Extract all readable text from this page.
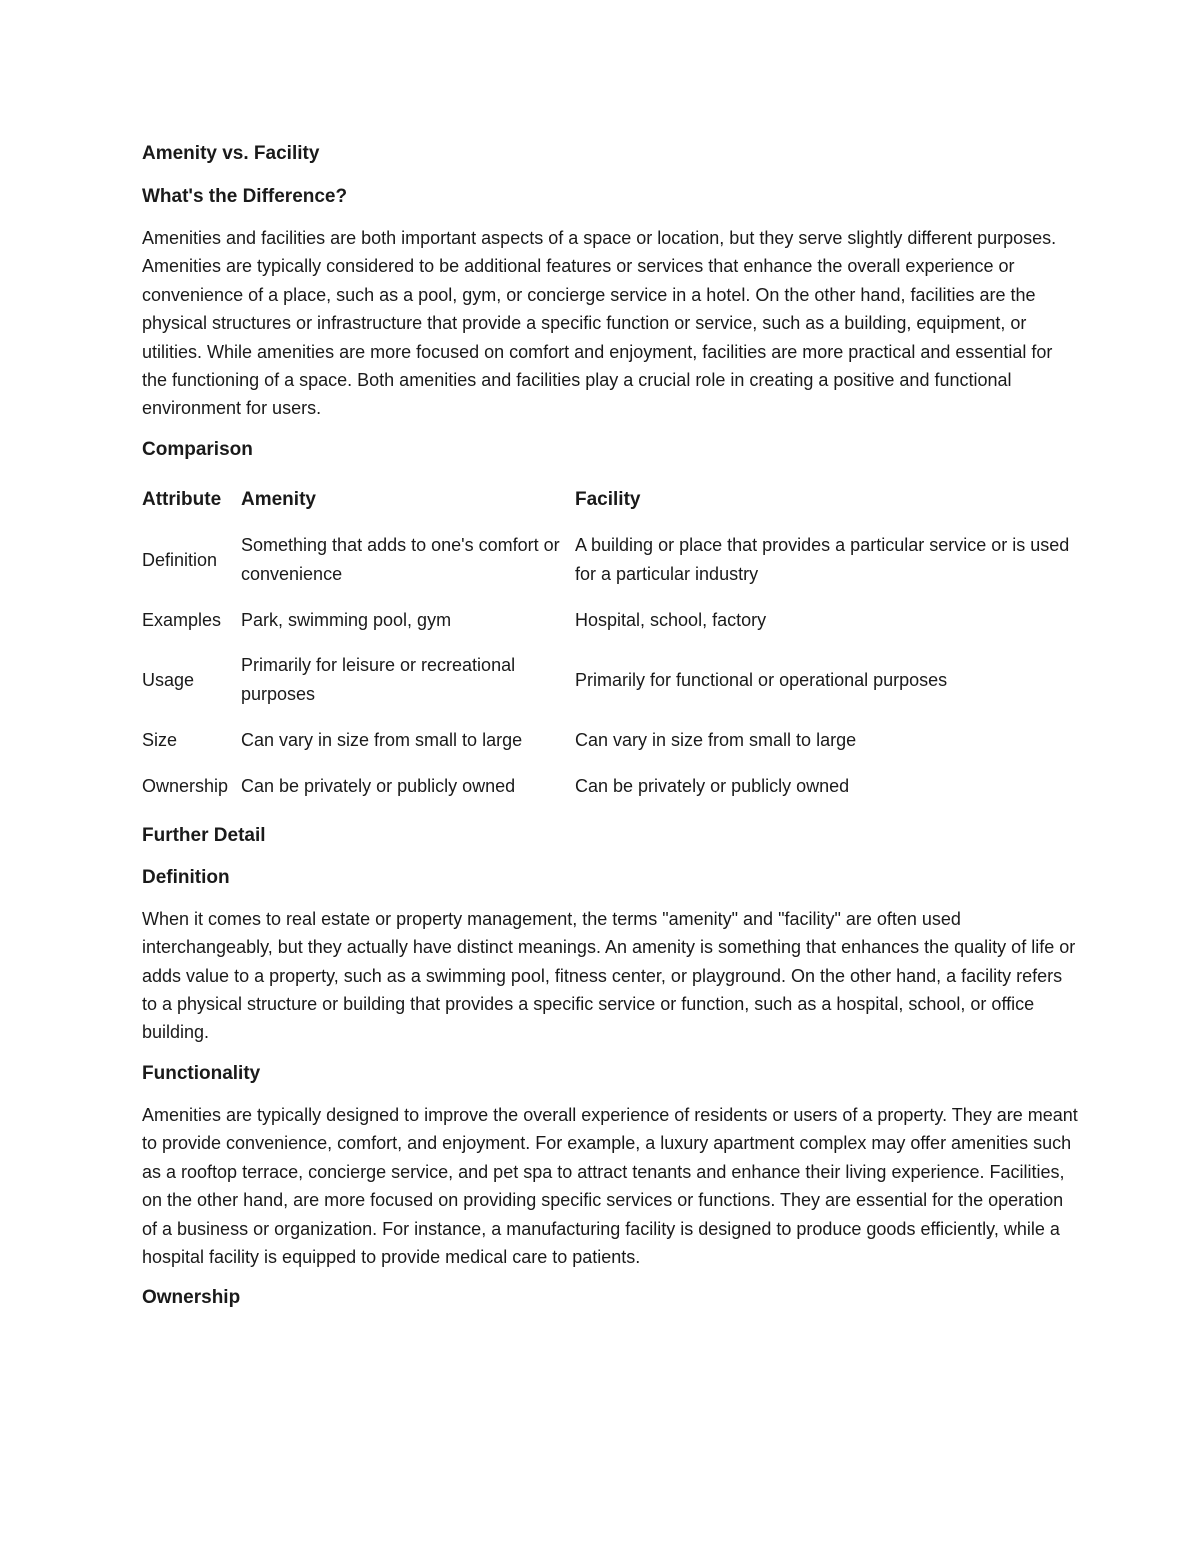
Amenity vs. Facility
What's the Difference?
Amenities and facilities are both important aspects of a space or location, but they serve slightly different purposes. Amenities are typically considered to be additional features or services that enhance the overall experience or convenience of a place, such as a pool, gym, or concierge service in a hotel. On the other hand, facilities are the physical structures or infrastructure that provide a specific function or service, such as a building, equipment, or utilities. While amenities are more focused on comfort and enjoyment, facilities are more practical and essential for the functioning of a space. Both amenities and facilities play a crucial role in creating a positive and functional environment for users.
Comparison
Attribute	Amenity	Facility
Definition	Something that adds to one's comfort or convenience	A building or place that provides a particular service or is used for a particular industry
Examples	Park, swimming pool, gym	Hospital, school, factory
Usage	Primarily for leisure or recreational purposes	Primarily for functional or operational purposes
Size	Can vary in size from small to large	Can vary in size from small to large
Ownership	Can be privately or publicly owned	Can be privately or publicly owned
Further Detail
Definition
When it comes to real estate or property management, the terms "amenity" and "facility" are often used interchangeably, but they actually have distinct meanings. An amenity is something that enhances the quality of life or adds value to a property, such as a swimming pool, fitness center, or playground. On the other hand, a facility refers to a physical structure or building that provides a specific service or function, such as a hospital, school, or office building.
Functionality
Amenities are typically designed to improve the overall experience of residents or users of a property. They are meant to provide convenience, comfort, and enjoyment. For example, a luxury apartment complex may offer amenities such as a rooftop terrace, concierge service, and pet spa to attract tenants and enhance their living experience. Facilities, on the other hand, are more focused on providing specific services or functions. They are essential for the operation of a business or organization. For instance, a manufacturing facility is designed to produce goods efficiently, while a hospital facility is equipped to provide medical care to patients.
Ownership
